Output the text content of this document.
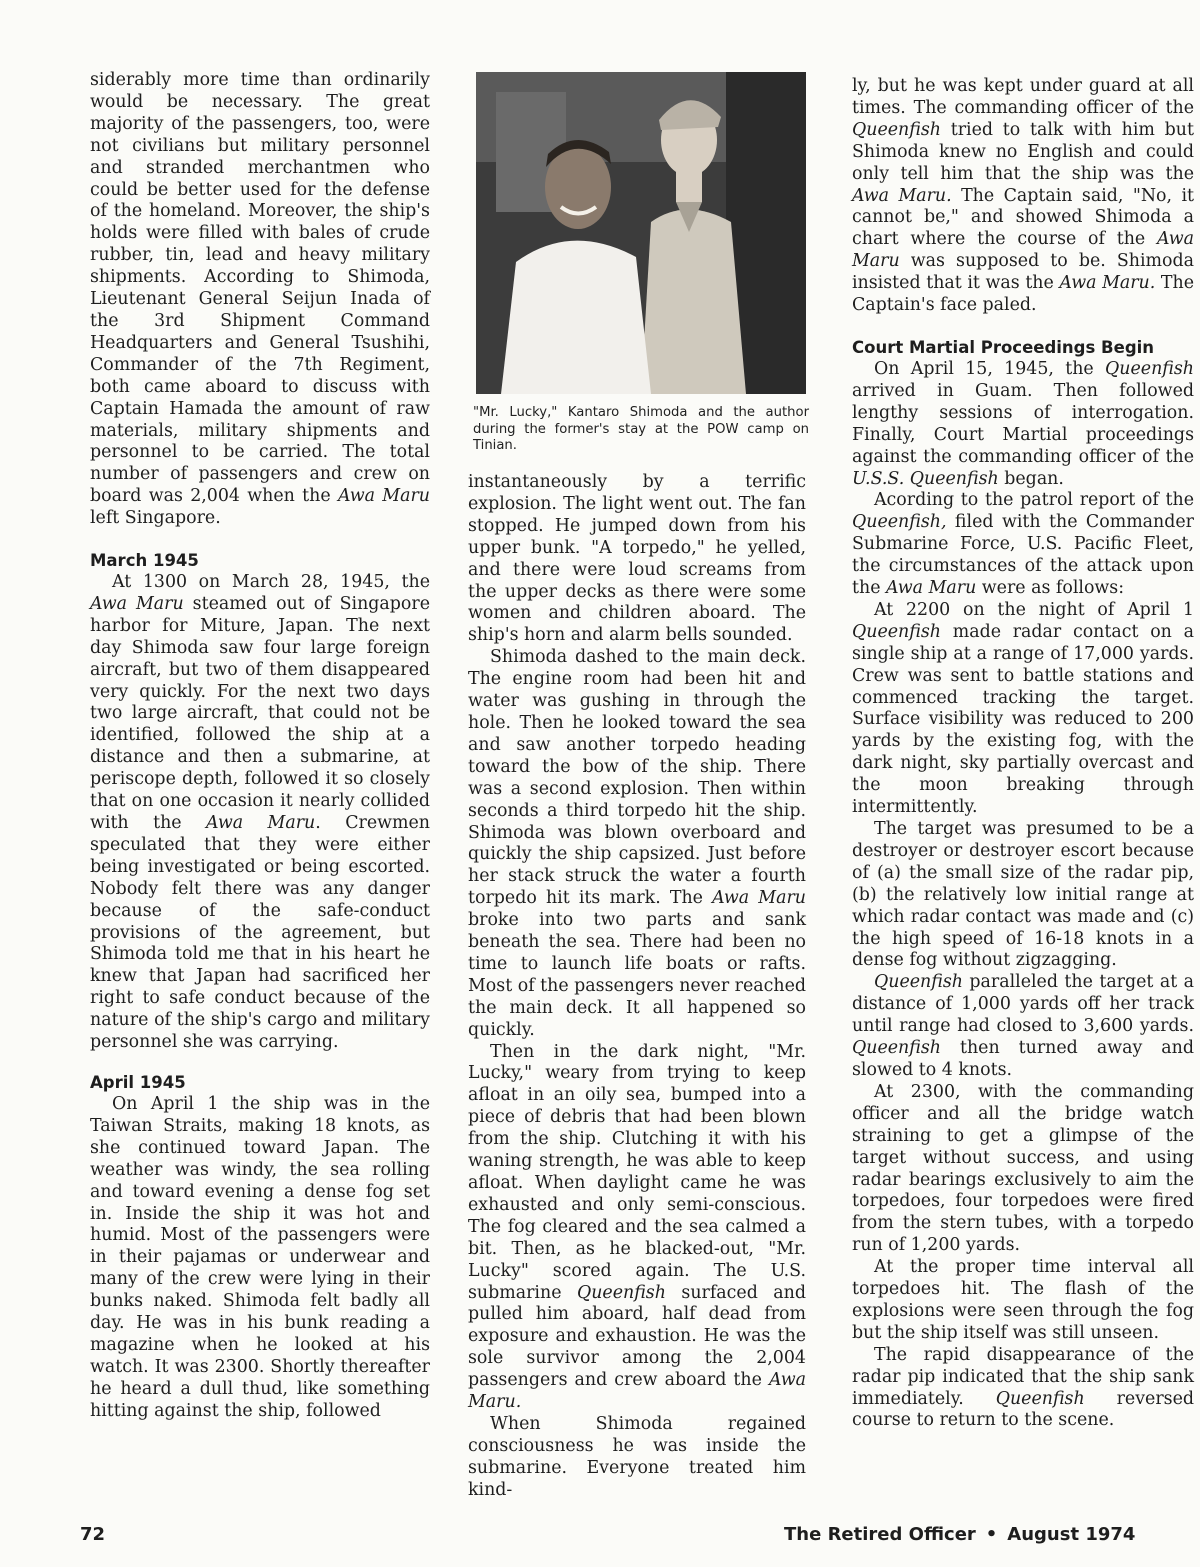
siderably more time than ordinarily would be necessary. The great majority of the passengers, too, were not civilians but military personnel and stranded merchantmen who could be better used for the defense of the homeland. Moreover, the ship's holds were filled with bales of crude rubber, tin, lead and heavy military shipments. According to Shimoda, Lieutenant General Seijun Inada of the 3rd Shipment Command Headquarters and General Tsushihi, Commander of the 7th Regiment, both came aboard to discuss with Captain Hamada the amount of raw materials, military shipments and personnel to be carried. The total number of passengers and crew on board was 2,004 when the Awa Maru left Singapore.

March 1945

At 1300 on March 28, 1945, the Awa Maru steamed out of Singapore harbor for Miture, Japan. The next day Shimoda saw four large foreign aircraft, but two of them disappeared very quickly. For the next two days two large aircraft, that could not be identified, followed the ship at a distance and then a submarine, at periscope depth, followed it so closely that on one occasion it nearly collided with the Awa Maru. Crewmen speculated that they were either being investigated or being escorted. Nobody felt there was any danger because of the safe-conduct provisions of the agreement, but Shimoda told me that in his heart he knew that Japan had sacrificed her right to safe conduct because of the nature of the ship's cargo and military personnel she was carrying.

April 1945

On April 1 the ship was in the Taiwan Straits, making 18 knots, as she continued toward Japan. The weather was windy, the sea rolling and toward evening a dense fog set in. Inside the ship it was hot and humid. Most of the passengers were in their pajamas or underwear and many of the crew were lying in their bunks naked. Shimoda felt badly all day. He was in his bunk reading a magazine when he looked at his watch. It was 2300. Shortly thereafter he heard a dull thud, like something hitting against the ship, followed

"Mr. Lucky," Kantaro Shimoda and the author during the former's stay at the POW camp on Tinian.

instantaneously by a terrific explosion. The light went out. The fan stopped. He jumped down from his upper bunk. "A torpedo," he yelled, and there were loud screams from the upper decks as there were some women and children aboard. The ship's horn and alarm bells sounded.

Shimoda dashed to the main deck. The engine room had been hit and water was gushing in through the hole. Then he looked toward the sea and saw another torpedo heading toward the bow of the ship. There was a second explosion. Then within seconds a third torpedo hit the ship. Shimoda was blown overboard and quickly the ship capsized. Just before her stack struck the water a fourth torpedo hit its mark. The Awa Maru broke into two parts and sank beneath the sea. There had been no time to launch life boats or rafts. Most of the passengers never reached the main deck. It all happened so quickly.

Then in the dark night, "Mr. Lucky," weary from trying to keep afloat in an oily sea, bumped into a piece of debris that had been blown from the ship. Clutching it with his waning strength, he was able to keep afloat. When daylight came he was exhausted and only semi-conscious. The fog cleared and the sea calmed a bit. Then, as he blacked-out, "Mr. Lucky" scored again. The U.S. submarine Queenfish surfaced and pulled him aboard, half dead from exposure and exhaustion. He was the sole survivor among the 2,004 passengers and crew aboard the Awa Maru.

When Shimoda regained consciousness he was inside the submarine. Everyone treated him kind-

ly, but he was kept under guard at all times. The commanding officer of the Queenfish tried to talk with him but Shimoda knew no English and could only tell him that the ship was the Awa Maru. The Captain said, "No, it cannot be," and showed Shimoda a chart where the course of the Awa Maru was supposed to be. Shimoda insisted that it was the Awa Maru. The Captain's face paled.

Court Martial Proceedings Begin

On April 15, 1945, the Queenfish arrived in Guam. Then followed lengthy sessions of interrogation. Finally, Court Martial proceedings against the commanding officer of the U.S.S. Queenfish began.

Acording to the patrol report of the Queenfish, filed with the Commander Submarine Force, U.S. Pacific Fleet, the circumstances of the attack upon the Awa Maru were as follows:

At 2200 on the night of April 1 Queenfish made radar contact on a single ship at a range of 17,000 yards. Crew was sent to battle stations and commenced tracking the target. Surface visibility was reduced to 200 yards by the existing fog, with the dark night, sky partially overcast and the moon breaking through intermittently.

The target was presumed to be a destroyer or destroyer escort because of (a) the small size of the radar pip, (b) the relatively low initial range at which radar contact was made and (c) the high speed of 16-18 knots in a dense fog without zigzagging.

Queenfish paralleled the target at a distance of 1,000 yards off her track until range had closed to 3,600 yards. Queenfish then turned away and slowed to 4 knots.

At 2300, with the commanding officer and all the bridge watch straining to get a glimpse of the target without success, and using radar bearings exclusively to aim the torpedoes, four torpedoes were fired from the stern tubes, with a torpedo run of 1,200 yards.

At the proper time interval all torpedoes hit. The flash of the explosions were seen through the fog but the ship itself was still unseen.

The rapid disappearance of the radar pip indicated that the ship sank immediately. Queenfish reversed course to return to the scene.

72	The Retired Officer • August 1974
